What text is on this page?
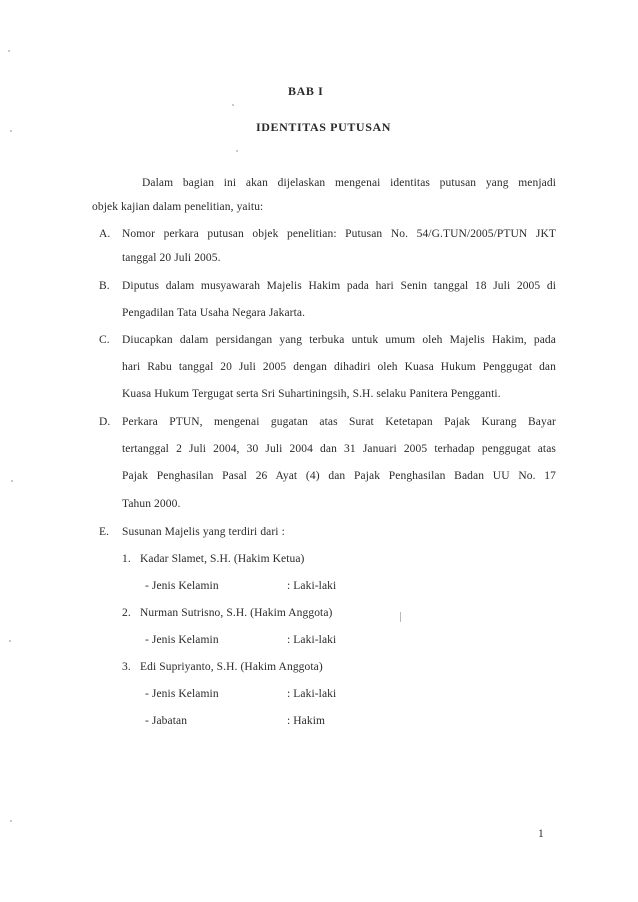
BAB I
IDENTITAS PUTUSAN
Dalam bagian ini akan dijelaskan mengenai identitas putusan yang menjadi
objek kajian dalam penelitian, yaitu:
A. Nomor perkara putusan objek penelitian: Putusan No. 54/G.TUN/2005/PTUN JKT
tanggal 20 Juli 2005.
B. Diputus dalam musyawarah Majelis Hakim pada hari Senin tanggal 18 Juli 2005 di
Pengadilan Tata Usaha Negara Jakarta.
C. Diucapkan dalam persidangan yang terbuka untuk umum oleh Majelis Hakim, pada
hari Rabu tanggal 20 Juli 2005 dengan dihadiri oleh Kuasa Hukum Penggugat dan
Kuasa Hukum Tergugat serta Sri Suhartiningsih, S.H. selaku Panitera Pengganti.
D. Perkara PTUN, mengenai gugatan atas Surat Ketetapan Pajak Kurang Bayar
tertanggal 2 Juli 2004, 30 Juli 2004 dan 31 Januari 2005 terhadap penggugat atas
Pajak Penghasilan Pasal 26 Ayat (4) dan Pajak Penghasilan Badan UU No. 17
Tahun 2000.
E. Susunan Majelis yang terdiri dari :
1. Kadar Slamet, S.H. (Hakim Ketua)
- Jenis Kelamin	: Laki-laki
2. Nurman Sutrisno, S.H. (Hakim Anggota)
- Jenis Kelamin	: Laki-laki
3. Edi Supriyanto, S.H. (Hakim Anggota)
- Jenis Kelamin	: Laki-laki
- Jabatan	: Hakim
1
